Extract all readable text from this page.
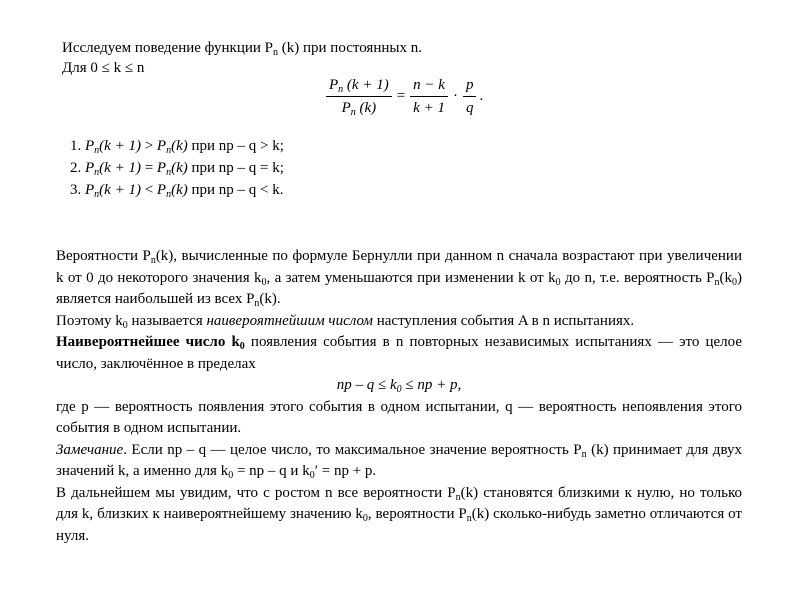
Исследуем поведение функции $P_n$ (k) при постоянных n.
Для 0 ≤ k ≤ n
$\frac{P_n (k + 1)}{P_n (k)} = \frac{n - k}{k + 1} \cdot \frac{p}{q}$ .
1. $P_n(k + 1) > P_n(k)$ при np – q > k;
2. $P_n(k + 1) = P_n(k)$ при np – q = k;
3. $P_n(k + 1) < P_n(k)$ при np – q < k.

Вероятности $P_n(k)$, вычисленные по формуле Бернулли при данном n сначала возрастают при увеличении k от 0 до некоторого значения $k_0$, а затем уменьшаются при изменении k от $k_0$ до n, т.е. вероятность $P_n(k_0)$ является наибольшей из всех $P_n(k)$.

Поэтому $k_0$ называется наивероятнейшим числом наступления события A в n испытаниях.

Наивероятнейшее число $k_0$ появления события в n повторных независимых испытаниях — это целое число, заключённое в пределах

np – $q \le k_0$ ≤ np + p,

где p — вероятность появления этого события в одном испытании, q — вероятность непоявления этого события в одном испытании.

Замечание. Если np – q — целое число, то максимальное значение вероятность $P_n$ (k) принимает для двух значений k, а именно для $k_0$ = np – q и $k_0'$ = np + p.

В дальнейшем мы увидим, что с ростом n все вероятности $P_n(k)$ становятся близкими к нулю, но только для k, близких к наивероятнейшему значению $k_0$, вероятности $P_n(k)$ сколько-нибудь заметно отличаются от нуля.
